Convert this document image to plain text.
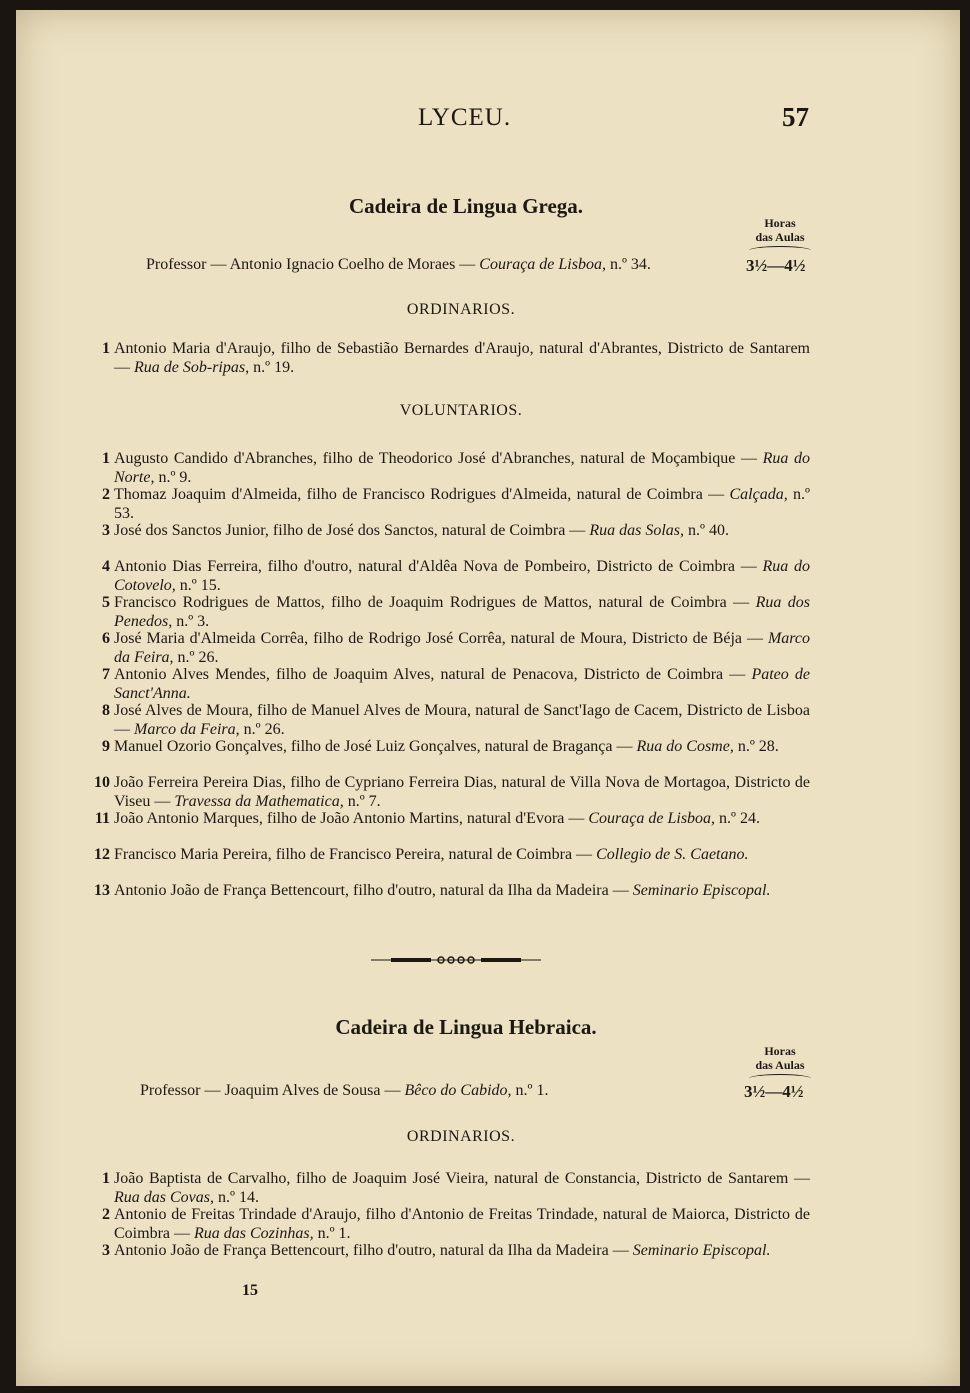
LYCEU.	57
Cadeira de Lingua Grega.
Horas
das Aulas
Professor — Antonio Ignacio Coelho de Moraes — Couraça de Lisboa, n.º 34.	3½—4½
ORDINARIOS.
1 Antonio Maria d'Araujo, filho de Sebastião Bernardes d'Araujo, natural d'Abrantes, Districto de Santarem — Rua de Sob-ripas, n.º 19.
VOLUNTARIOS.
1 Augusto Candido d'Abranches, filho de Theodorico José d'Abranches, natural de Moçambique — Rua do Norte, n.º 9.
2 Thomaz Joaquim d'Almeida, filho de Francisco Rodrigues d'Almeida, natural de Coimbra — Calçada, n.º 53.
3 José dos Sanctos Junior, filho de José dos Sanctos, natural de Coimbra — Rua das Solas, n.º 40.
4 Antonio Dias Ferreira, filho d'outro, natural d'Aldêa Nova de Pombeiro, Districto de Coimbra — Rua do Cotovelo, n.º 15.
5 Francisco Rodrigues de Mattos, filho de Joaquim Rodrigues de Mattos, natural de Coimbra — Rua dos Penedos, n.º 3.
6 José Maria d'Almeida Corrêa, filho de Rodrigo José Corrêa, natural de Moura, Districto de Béja — Marco da Feira, n.º 26.
7 Antonio Alves Mendes, filho de Joaquim Alves, natural de Penacova, Districto de Coimbra — Pateo de Sanct'Anna.
8 José Alves de Moura, filho de Manuel Alves de Moura, natural de Sanct'Iago de Cacem, Districto de Lisboa — Marco da Feira, n.º 26.
9 Manuel Ozorio Gonçalves, filho de José Luiz Gonçalves, natural de Bragança — Rua do Cosme, n.º 28.
10 João Ferreira Pereira Dias, filho de Cypriano Ferreira Dias, natural de Villa Nova de Mortagoa, Districto de Viseu — Travessa da Mathematica, n.º 7.
11 João Antonio Marques, filho de João Antonio Martins, natural d'Evora — Couraça de Lisboa, n.º 24.
12 Francisco Maria Pereira, filho de Francisco Pereira, natural de Coimbra — Collegio de S. Caetano.
13 Antonio João de França Bettencourt, filho d'outro, natural da Ilha da Madeira — Seminario Episcopal.
Cadeira de Lingua Hebraica.
Horas
das Aulas
Professor — Joaquim Alves de Sousa — Bêco do Cabido, n.º 1.	3½—4½
ORDINARIOS.
1 João Baptista de Carvalho, filho de Joaquim José Vieira, natural de Constancia, Districto de Santarem — Rua das Covas, n.º 14.
2 Antonio de Freitas Trindade d'Araujo, filho d'Antonio de Freitas Trindade, natural de Maiorca, Districto de Coimbra — Rua das Cozinhas, n.º 1.
3 Antonio João de França Bettencourt, filho d'outro, natural da Ilha da Madeira — Seminario Episcopal.
15
